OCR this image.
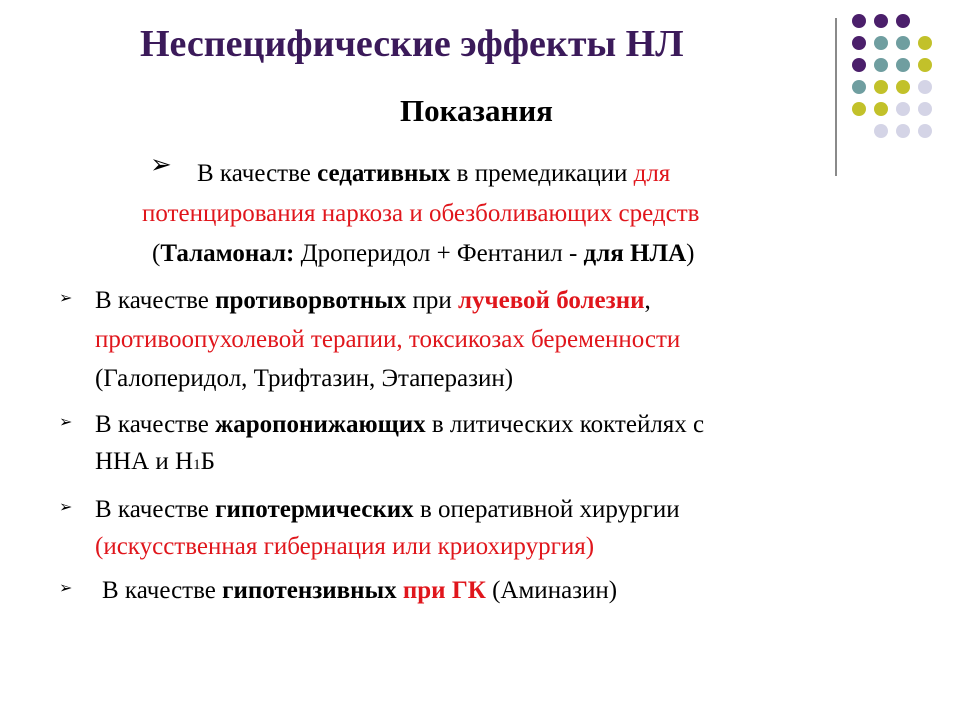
Неспецифические эффекты НЛ
Показания
➢ В качестве седативных в премедикации для
потенцирования наркоза и обезболивающих средств
(Таламонал: Дроперидол + Фентанил - для НЛА)
➢ В качестве противорвотных при лучевой болезни,
противоопухолевой терапии, токсикозах беременности
(Галоперидол, Трифтазин, Этаперазин)
➢ В качестве жаропонижающих в литических коктейлях с
ННА и Н1Б
➢ В качестве гипотермических в оперативной хирургии
(искусственная гибернация или криохирургия)
➢ В качестве гипотензивных при ГК (Аминазин)
